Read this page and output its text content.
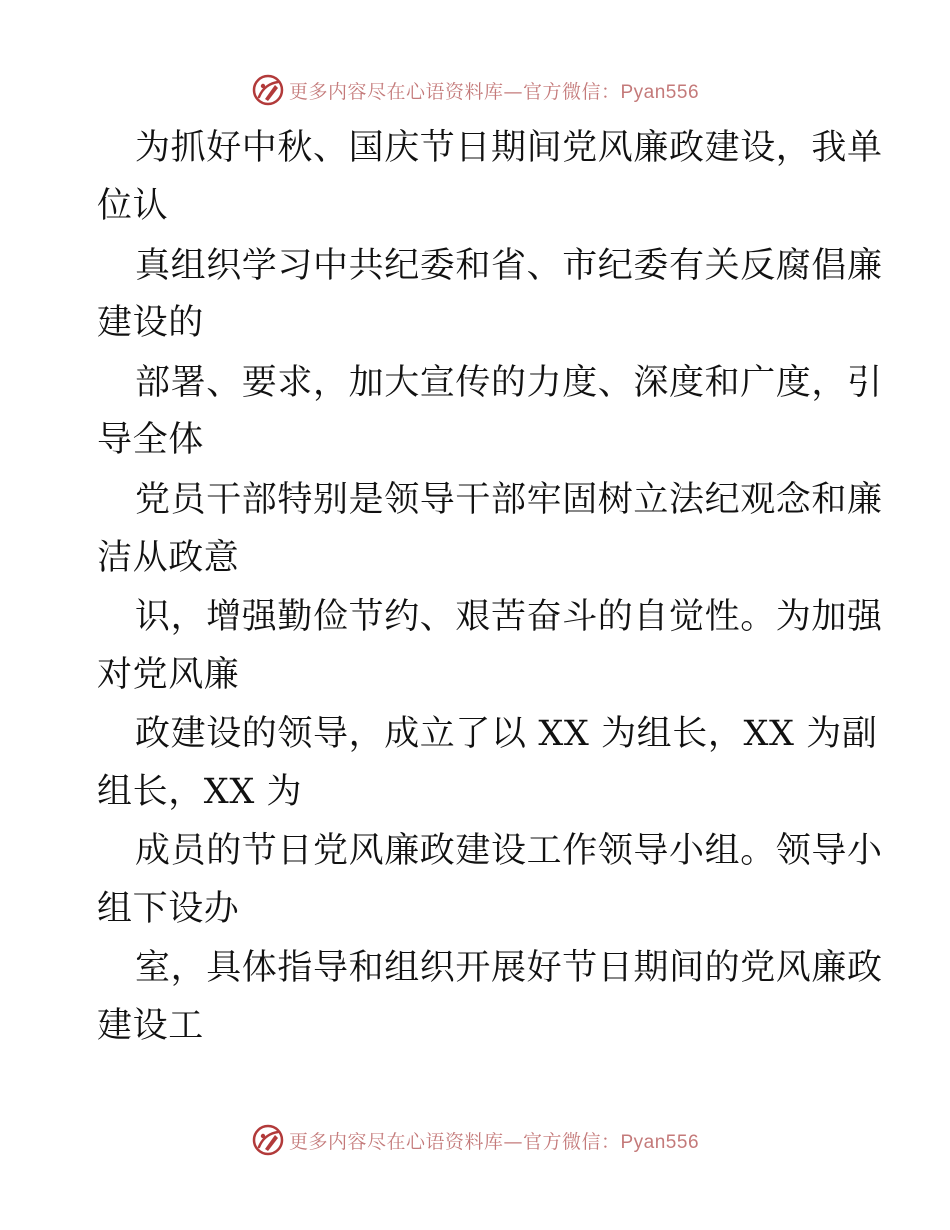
更多内容尽在心语资料库—官方微信：Pyan556
为抓好中秋、国庆节日期间党风廉政建设，我单
位认
真组织学习中共纪委和省、市纪委有关反腐倡廉
建设的
部署、要求，加大宣传的力度、深度和广度，引
导全体
党员干部特别是领导干部牢固树立法纪观念和廉
洁从政意
识，增强勤俭节约、艰苦奋斗的自觉性。为加强
对党风廉
政建设的领导，成立了以 XX 为组长，XX 为副
组长，XX 为
成员的节日党风廉政建设工作领导小组。领导小
组下设办
室，具体指导和组织开展好节日期间的党风廉政
建设工
更多内容尽在心语资料库—官方微信：Pyan556
